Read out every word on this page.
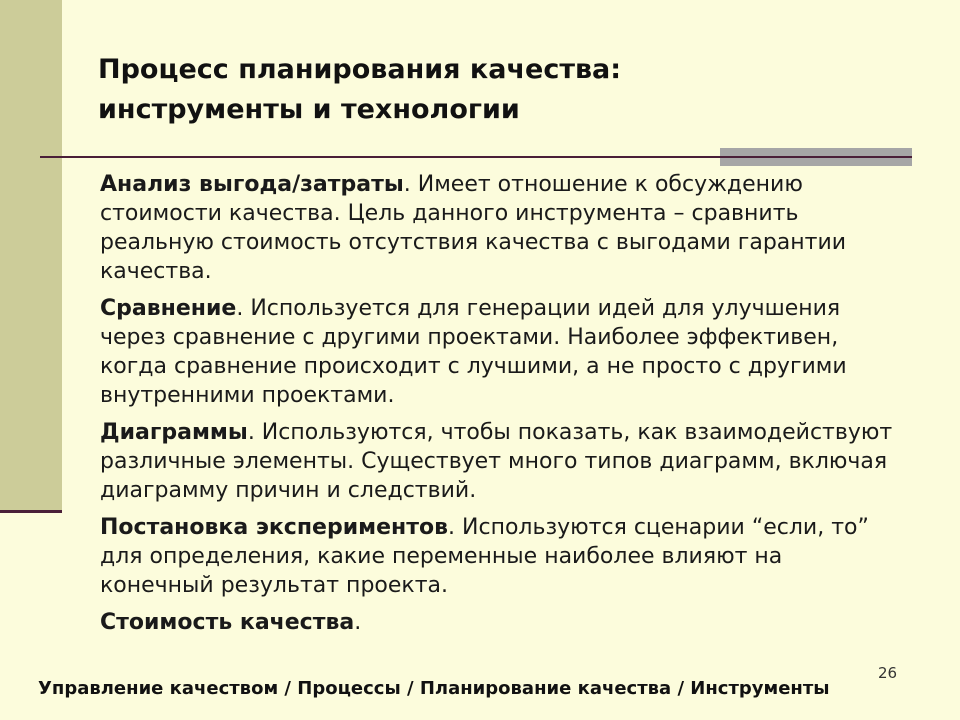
Процесс планирования качества:
инструменты и технологии

Анализ выгода/затраты. Имеет отношение к обсуждению стоимости качества. Цель данного инструмента – сравнить реальную стоимость отсутствия качества с выгодами гарантии качества.

Сравнение. Используется для генерации идей для улучшения через сравнение с другими проектами. Наиболее эффективен, когда сравнение происходит с лучшими, а не просто с другими внутренними проектами.

Диаграммы. Используются, чтобы показать, как взаимодействуют различные элементы. Существует много типов диаграмм, включая диаграмму причин и следствий.

Постановка экспериментов. Используются сценарии “если, то” для определения, какие переменные наиболее влияют на конечный результат проекта.

Стоимость качества.

26
Управление качеством / Процессы / Планирование качества / Инструменты
